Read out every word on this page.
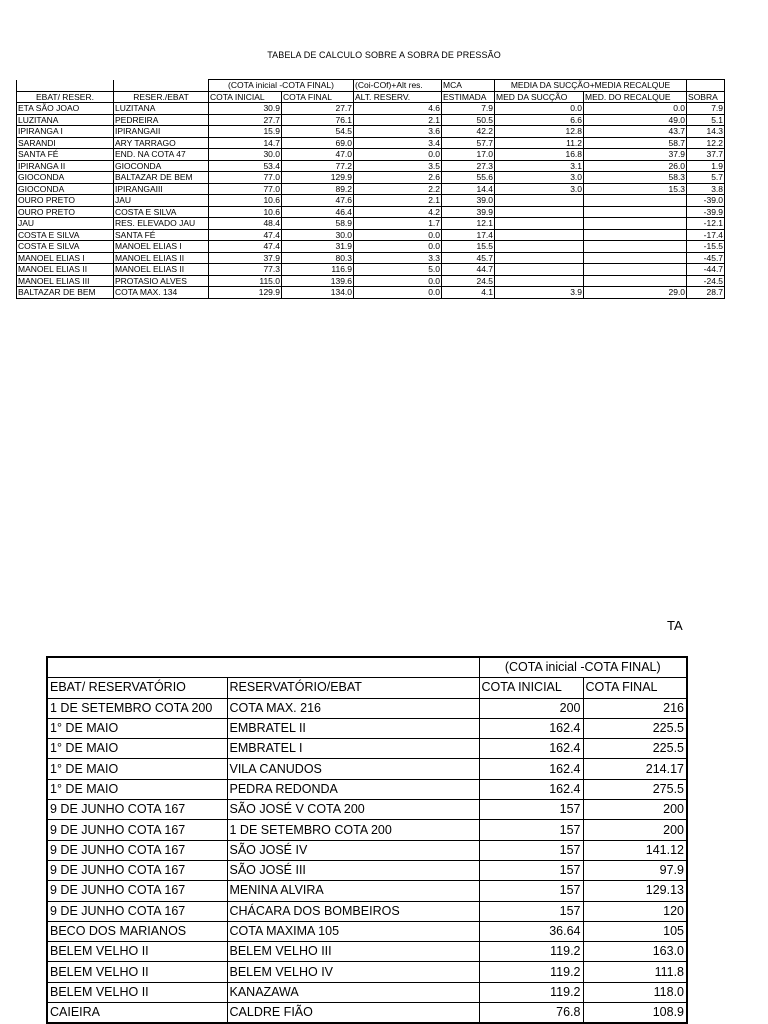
TABELA DE CALCULO SOBRE A SOBRA DE PRESSÃO
		(COTA inicial -COTA FINAL)		(Coi-COf)+Alt res.	MCA	MEDIA DA SUCÇÃO+MEDIA RECALQUE		
EBAT/ RESER.	RESER./EBAT	COTA INICIAL	COTA FINAL	ALT. RESERV.	ESTIMADA	MED DA SUCÇÃO	MED. DO RECALQUE	SOBRA
ETA SÃO JOAO	LUZITANA	30.9	27.7	4.6	7.9	0.0	0.0	7.9
LUZITANA	PEDREIRA	27.7	76.1	2.1	50.5	6.6	49.0	5.1
IPIRANGA I	IPIRANGAII	15.9	54.5	3.6	42.2	12.8	43.7	14.3
SARANDI	ARY TARRAGO	14.7	69.0	3.4	57.7	11.2	58.7	12.2
SANTA FÉ	END. NA COTA 47	30.0	47.0	0.0	17.0	16.8	37.9	37.7
IPIRANGA II	GIOCONDA	53.4	77.2	3.5	27.3	3.1	26.0	1.9
GIOCONDA	BALTAZAR DE BEM	77.0	129.9	2.6	55.6	3.0	58.3	5.7
GIOCONDA	IPIRANGAIII	77.0	89.2	2.2	14.4	3.0	15.3	3.8
OURO PRETO	JAU	10.6	47.6	2.1	39.0			-39.0
OURO PRETO	COSTA E SILVA	10.6	46.4	4.2	39.9			-39.9
JAU	RES. ELEVADO JAU	48.4	58.9	1.7	12.1			-12.1
COSTA E SILVA	SANTA FÉ	47.4	30.0	0.0	17.4			-17.4
COSTA E SILVA	MANOEL ELIAS I	47.4	31.9	0.0	15.5			-15.5
MANOEL ELIAS I	MANOEL ELIAS II	37.9	80.3	3.3	45.7			-45.7
MANOEL ELIAS II	MANOEL ELIAS II	77.3	116.9	5.0	44.7			-44.7
MANOEL ELIAS III	PROTASIO ALVES	115.0	139.6	0.0	24.5			-24.5
BALTAZAR DE BEM	COTA MAX. 134	129.9	134.0	0.0	4.1	3.9	29.0	28.7
TA
		(COTA inicial -COTA FINAL)	
EBAT/ RESERVATÓRIO	RESERVATÓRIO/EBAT	COTA INICIAL	COTA FINAL
1 DE SETEMBRO COTA 200	COTA MAX. 216	200	216
1° DE MAIO	EMBRATEL II	162.4	225.5
1° DE MAIO	EMBRATEL I	162.4	225.5
1° DE MAIO	VILA CANUDOS	162.4	214.17
1° DE MAIO	PEDRA REDONDA	162.4	275.5
9 DE JUNHO COTA 167	SÃO JOSÉ V COTA 200	157	200
9 DE JUNHO COTA 167	1 DE SETEMBRO COTA 200	157	200
9 DE JUNHO COTA 167	SÃO JOSÉ IV	157	141.12
9 DE JUNHO COTA 167	SÃO JOSÉ III	157	97.9
9 DE JUNHO COTA 167	MENINA ALVIRA	157	129.13
9 DE JUNHO COTA 167	CHÁCARA DOS BOMBEIROS	157	120
BECO DOS MARIANOS	COTA MAXIMA 105	36.64	105
BELEM VELHO II	BELEM VELHO III	119.2	163.0
BELEM VELHO II	BELEM VELHO IV	119.2	111.8
BELEM VELHO II	KANAZAWA	119.2	118.0
CAIEIRA	CALDRE FIÃO	76.8	108.9
